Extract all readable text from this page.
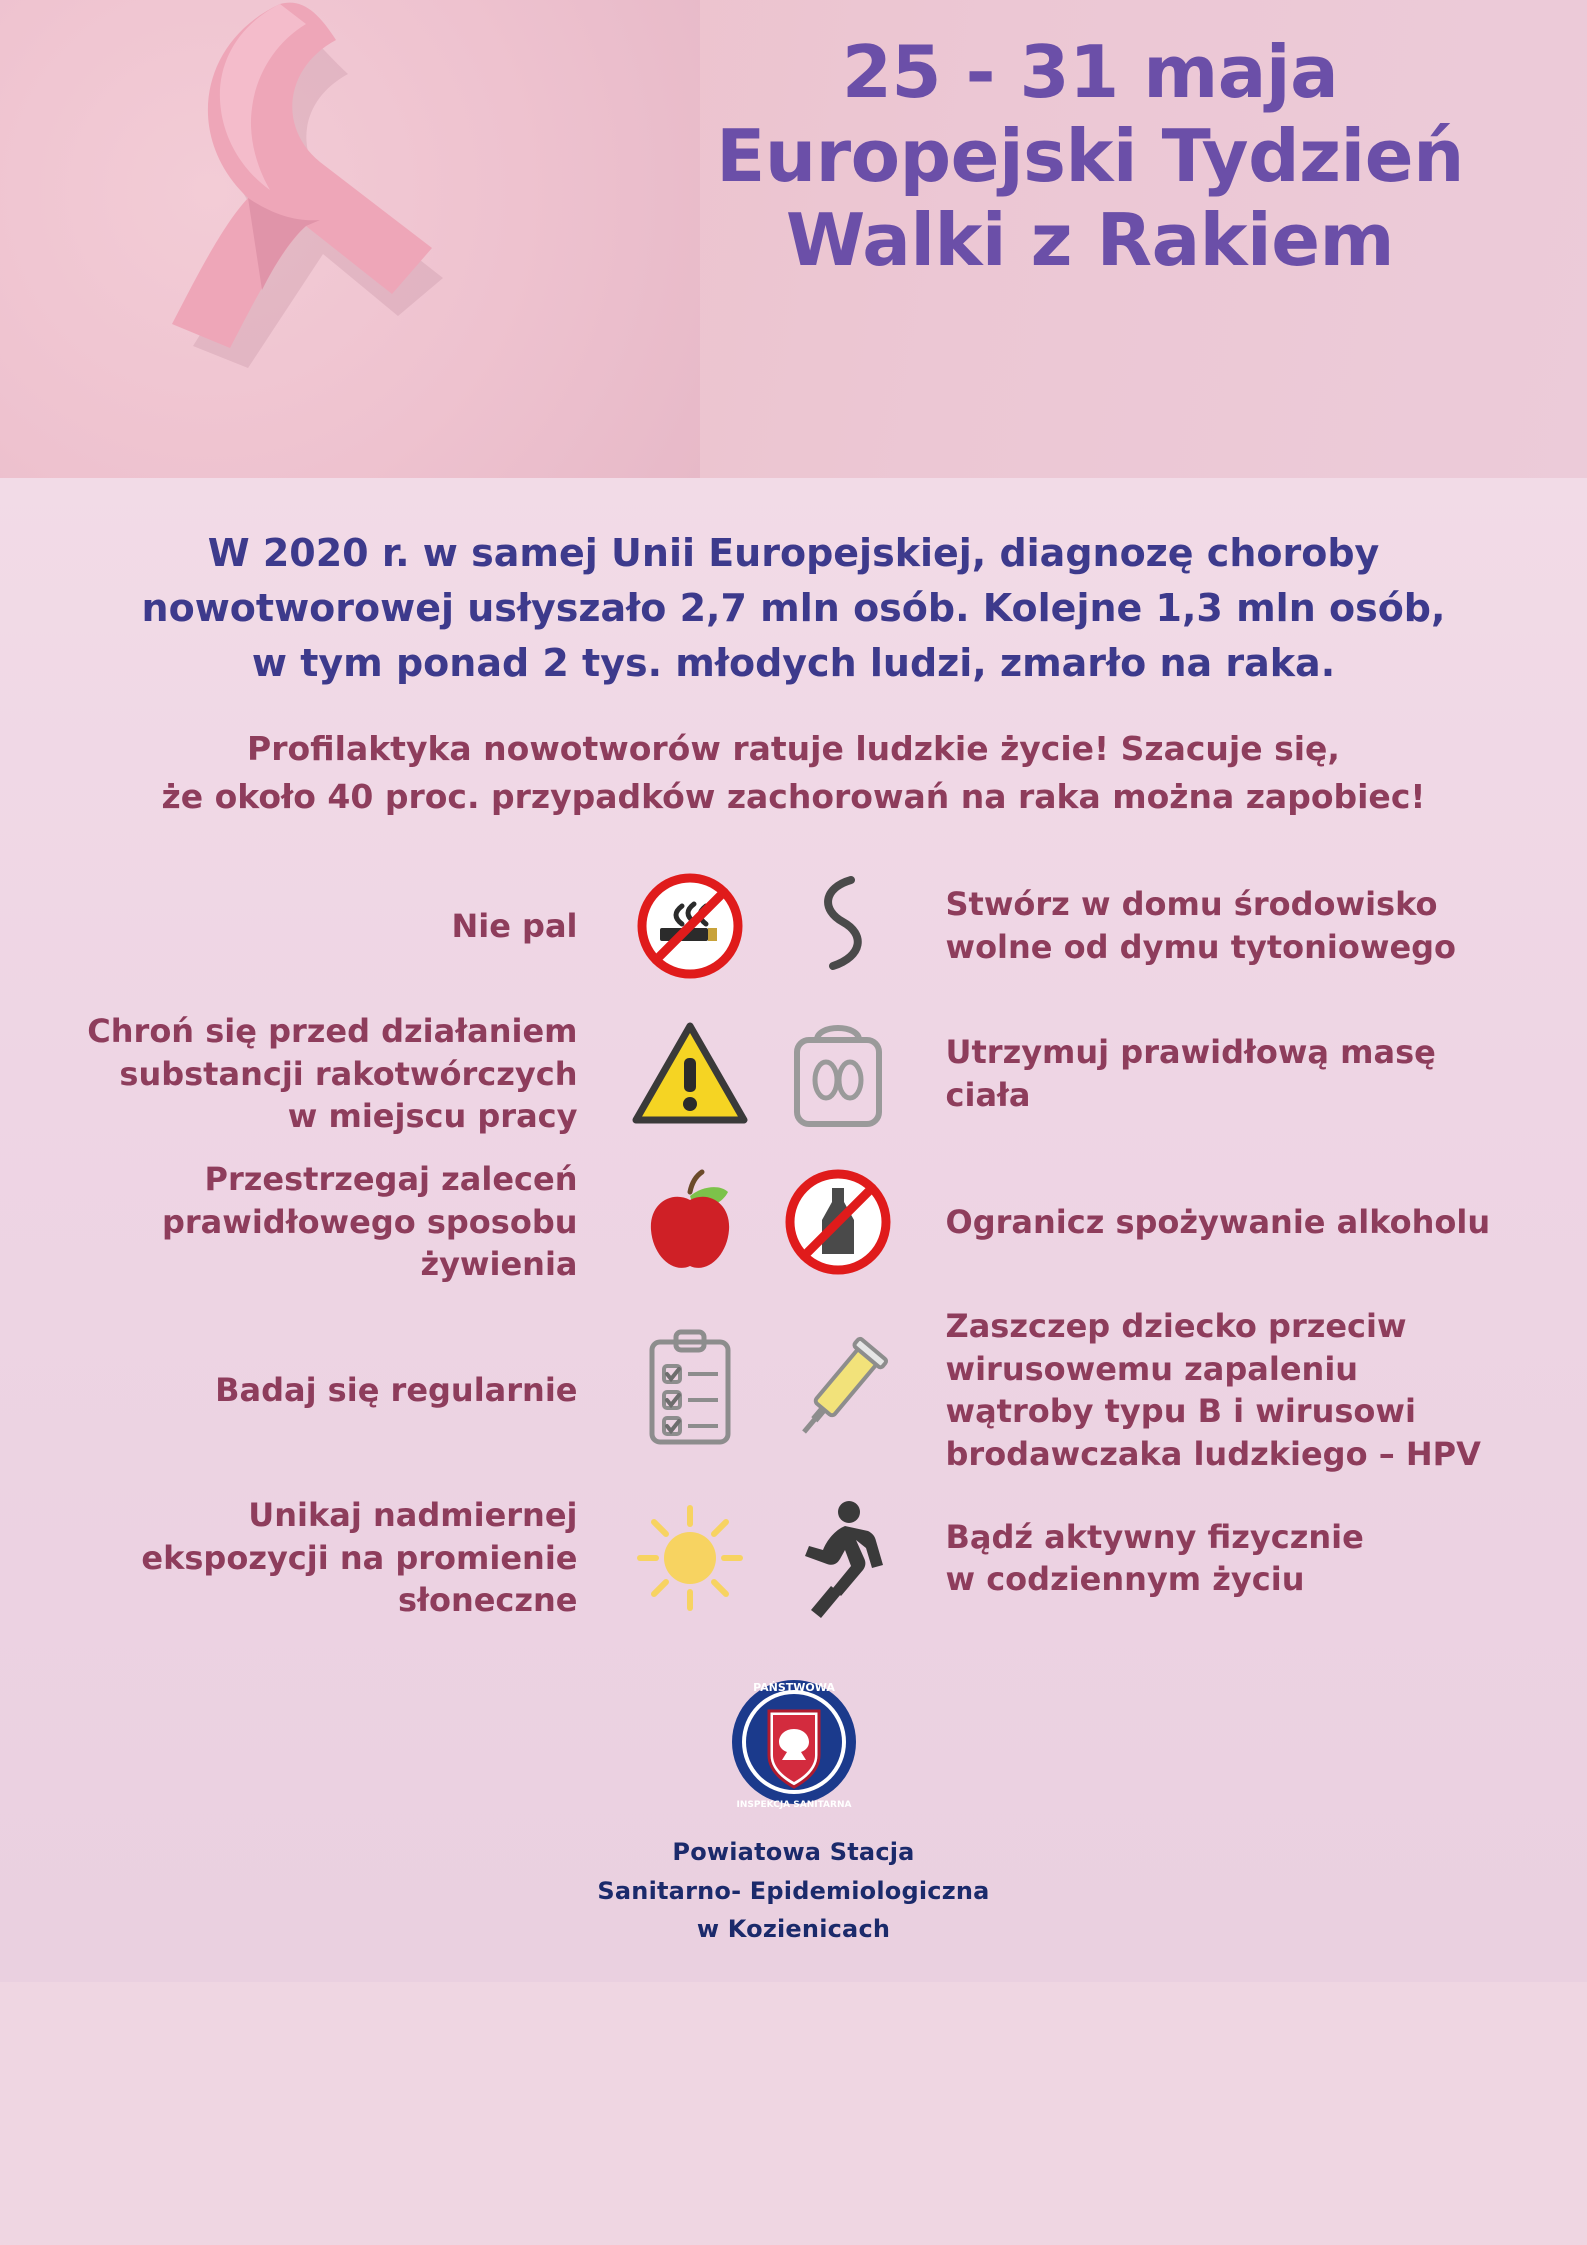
25 - 31 maja
Europejski Tydzień
Walki z Rakiem

W 2020 r. w samej Unii Europejskiej, diagnozę choroby

nowotworowej usłyszało 2,7 mln osób. Kolejne 1,3 mln osób,

w tym ponad 2 tys. młodych ludzi, zmarło na raka.

Profilaktyka nowotworów ratuje ludzkie życie! Szacuje się,

że około 40 proc. przypadków zachorowań na raka można zapobiec!

Nie pal
Stwórz w domu środowisko
wolne od dymu tytoniowego
Chroń się przed działaniem
substancji rakotwórczych
w miejscu pracy
Utrzymuj prawidłową masę
ciała
Przestrzegaj zaleceń
prawidłowego sposobu
żywienia
Ogranicz spożywanie alkoholu
Badaj się regularnie
Zaszczep dziecko przeciw
wirusowemu zapaleniu
wątroby typu B i wirusowi
brodawczaka ludzkiego – HPV
Unikaj nadmiernej
ekspozycji na promienie
słoneczne
Bądź aktywny fizycznie
w codziennym życiu
PAŃSTWOWA
INSPEKCJA SANITARNA
Powiatowa Stacja
Sanitarno- Epidemiologiczna
w Kozienicach
